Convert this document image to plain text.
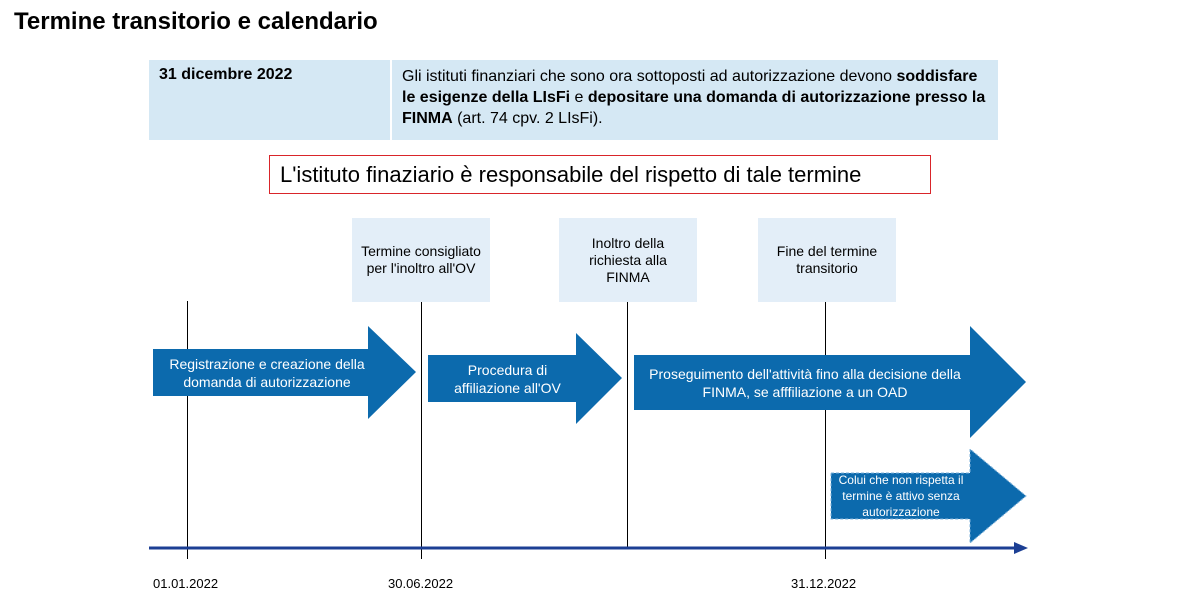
Termine transitorio e calendario
31 dicembre 2022	Gli istituti finanziari che sono ora sottoposti ad autorizzazione devono soddisfare le esigenze della LIsFi e depositare una domanda di autorizzazione presso la FINMA (art. 74 cpv. 2 LIsFi).
L'istituto finaziario è responsabile del rispetto di tale termine
Termine consigliato per l'inoltro all'OV
Inoltro della richiesta alla FINMA
Fine del termine transitorio
Registrazione e creazione della domanda di autorizzazione
Procedura di affiliazione all'OV
Proseguimento dell'attività fino alla decisione della FINMA, se afffiliazione a un OAD
Colui che non rispetta il termine è attivo senza autorizzazione
01.01.2022	30.06.2022	31.12.2022
